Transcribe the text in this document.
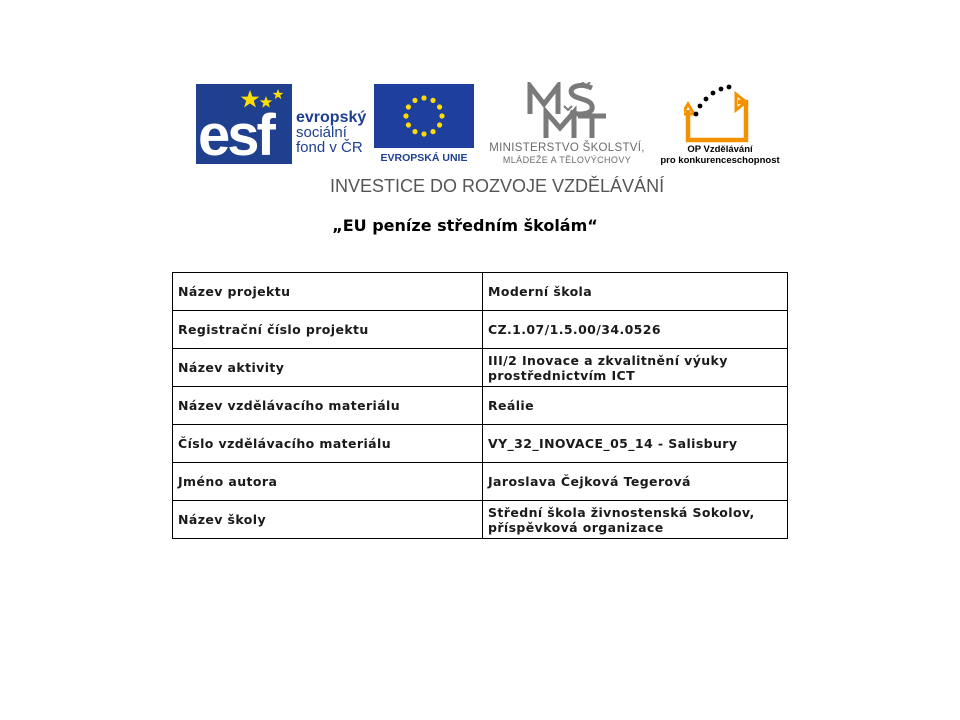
esf evropský
sociální
fond v ČR
EVROPSKÁ UNIE
MINISTERSTVO ŠKOLSTVÍ,
MLÁDEŽE A TĚLOVÝCHOVY
OP Vzdělávání
pro konkurenceschopnost
INVESTICE DO ROZVOJE VZDĚLÁVÁNÍ
„EU peníze středním školám“
Název projektu	Moderní škola
Registrační číslo projektu	CZ.1.07/1.5.00/34.0526
Název aktivity	III/2 Inovace a zkvalitnění výuky prostřednictvím ICT
Název vzdělávacího materiálu	Reálie
Číslo vzdělávacího materiálu	VY_32_INOVACE_05_14 - Salisbury
Jméno autora	Jaroslava Čejková Tegerová
Název školy	Střední škola živnostenská Sokolov, příspěvková organizace
